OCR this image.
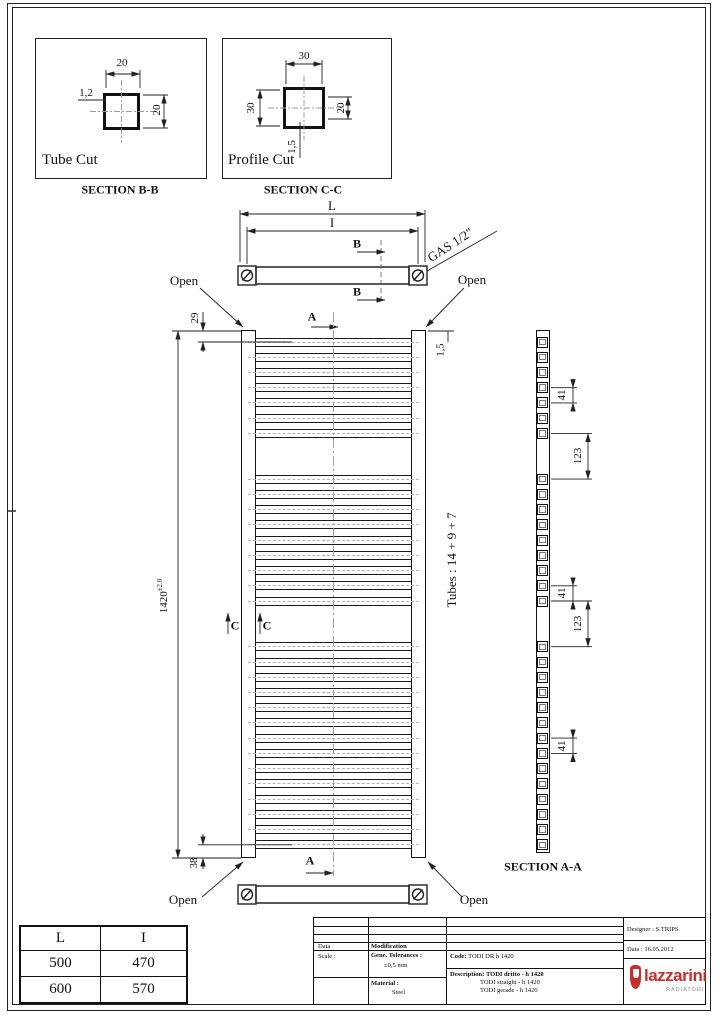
Tube Cut
SECTION B-B
20
20
1,2
Profile Cut
SECTION C-C
30
30	20
1,5
L
I
B
B
GAS 1/2"
Open	Open
A
A
C C
29
$1420^{\pm 2.0}$
38
1,5
Tubes : 14 + 9 + 7
Open	Open
SECTION A-A
41
123
41
123
41
L	I
500	470
600	570
Data	Modification
Scale :	Gene. Tolerances :
±0,5 mm
Material :
Steel
Code: TODI DR h 1420
Description: TODI dritto - h 1420
TODI straight - h 1420
TODI gerade - h 1420
Designer : S.TRIPS
Data : 16.05.2012
lazzarini
RADIATORI
